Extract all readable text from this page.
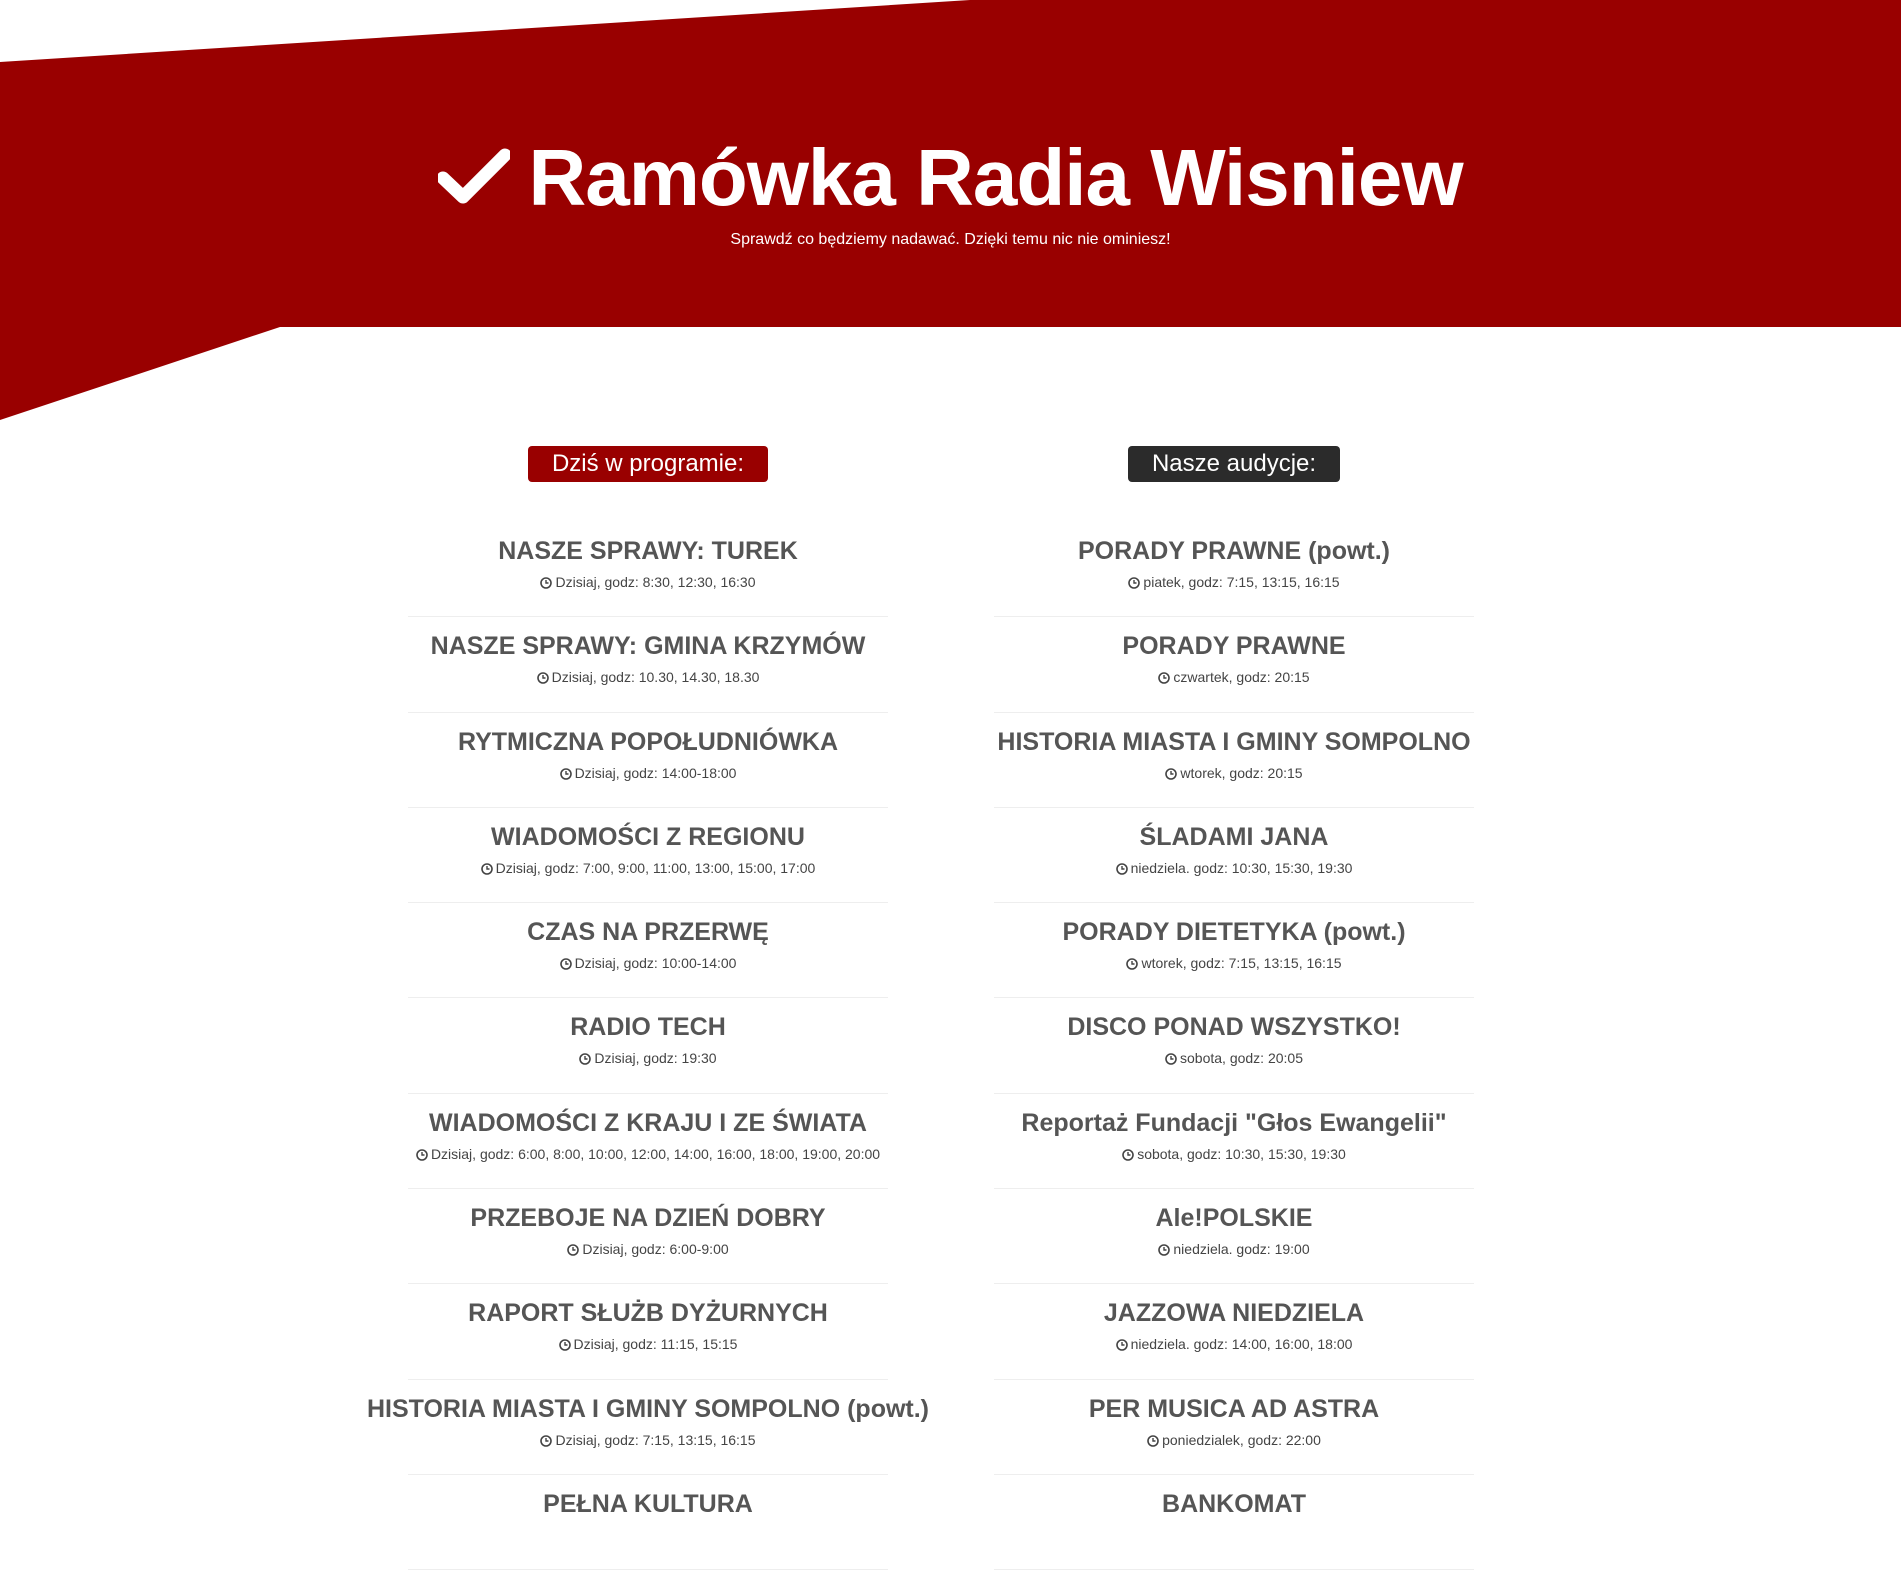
Ramówka Radia Wisniew
Sprawdź co będziemy nadawać. Dzięki temu nic nie ominiesz!
Dziś w programie:
NASZE SPRAWY: TUREK
Dzisiaj, godz: 8:30, 12:30, 16:30
NASZE SPRAWY: GMINA KRZYMÓW
Dzisiaj, godz: 10.30, 14.30, 18.30
RYTMICZNA POPOŁUDNIÓWKA
Dzisiaj, godz: 14:00-18:00
WIADOMOŚCI Z REGIONU
Dzisiaj, godz: 7:00, 9:00, 11:00, 13:00, 15:00, 17:00
CZAS NA PRZERWĘ
Dzisiaj, godz: 10:00-14:00
RADIO TECH
Dzisiaj, godz: 19:30
WIADOMOŚCI Z KRAJU I ZE ŚWIATA
Dzisiaj, godz: 6:00, 8:00, 10:00, 12:00, 14:00, 16:00, 18:00, 19:00, 20:00
PRZEBOJE NA DZIEŃ DOBRY
Dzisiaj, godz: 6:00-9:00
RAPORT SŁUŻB DYŻURNYCH
Dzisiaj, godz: 11:15, 15:15
HISTORIA MIASTA I GMINY SOMPOLNO (powt.)
Dzisiaj, godz: 7:15, 13:15, 16:15
PEŁNA KULTURA
Nasze audycje:
PORADY PRAWNE (powt.)
piatek, godz: 7:15, 13:15, 16:15
PORADY PRAWNE
czwartek, godz: 20:15
HISTORIA MIASTA I GMINY SOMPOLNO
wtorek, godz: 20:15
ŚLADAMI JANA
niedziela. godz: 10:30, 15:30, 19:30
PORADY DIETETYKA (powt.)
wtorek, godz: 7:15, 13:15, 16:15
DISCO PONAD WSZYSTKO!
sobota, godz: 20:05
Reportaż Fundacji "Głos Ewangelii"
sobota, godz: 10:30, 15:30, 19:30
Ale!POLSKIE
niedziela. godz: 19:00
JAZZOWA NIEDZIELA
niedziela. godz: 14:00, 16:00, 18:00
PER MUSICA AD ASTRA
poniedzialek, godz: 22:00
BANKOMAT
